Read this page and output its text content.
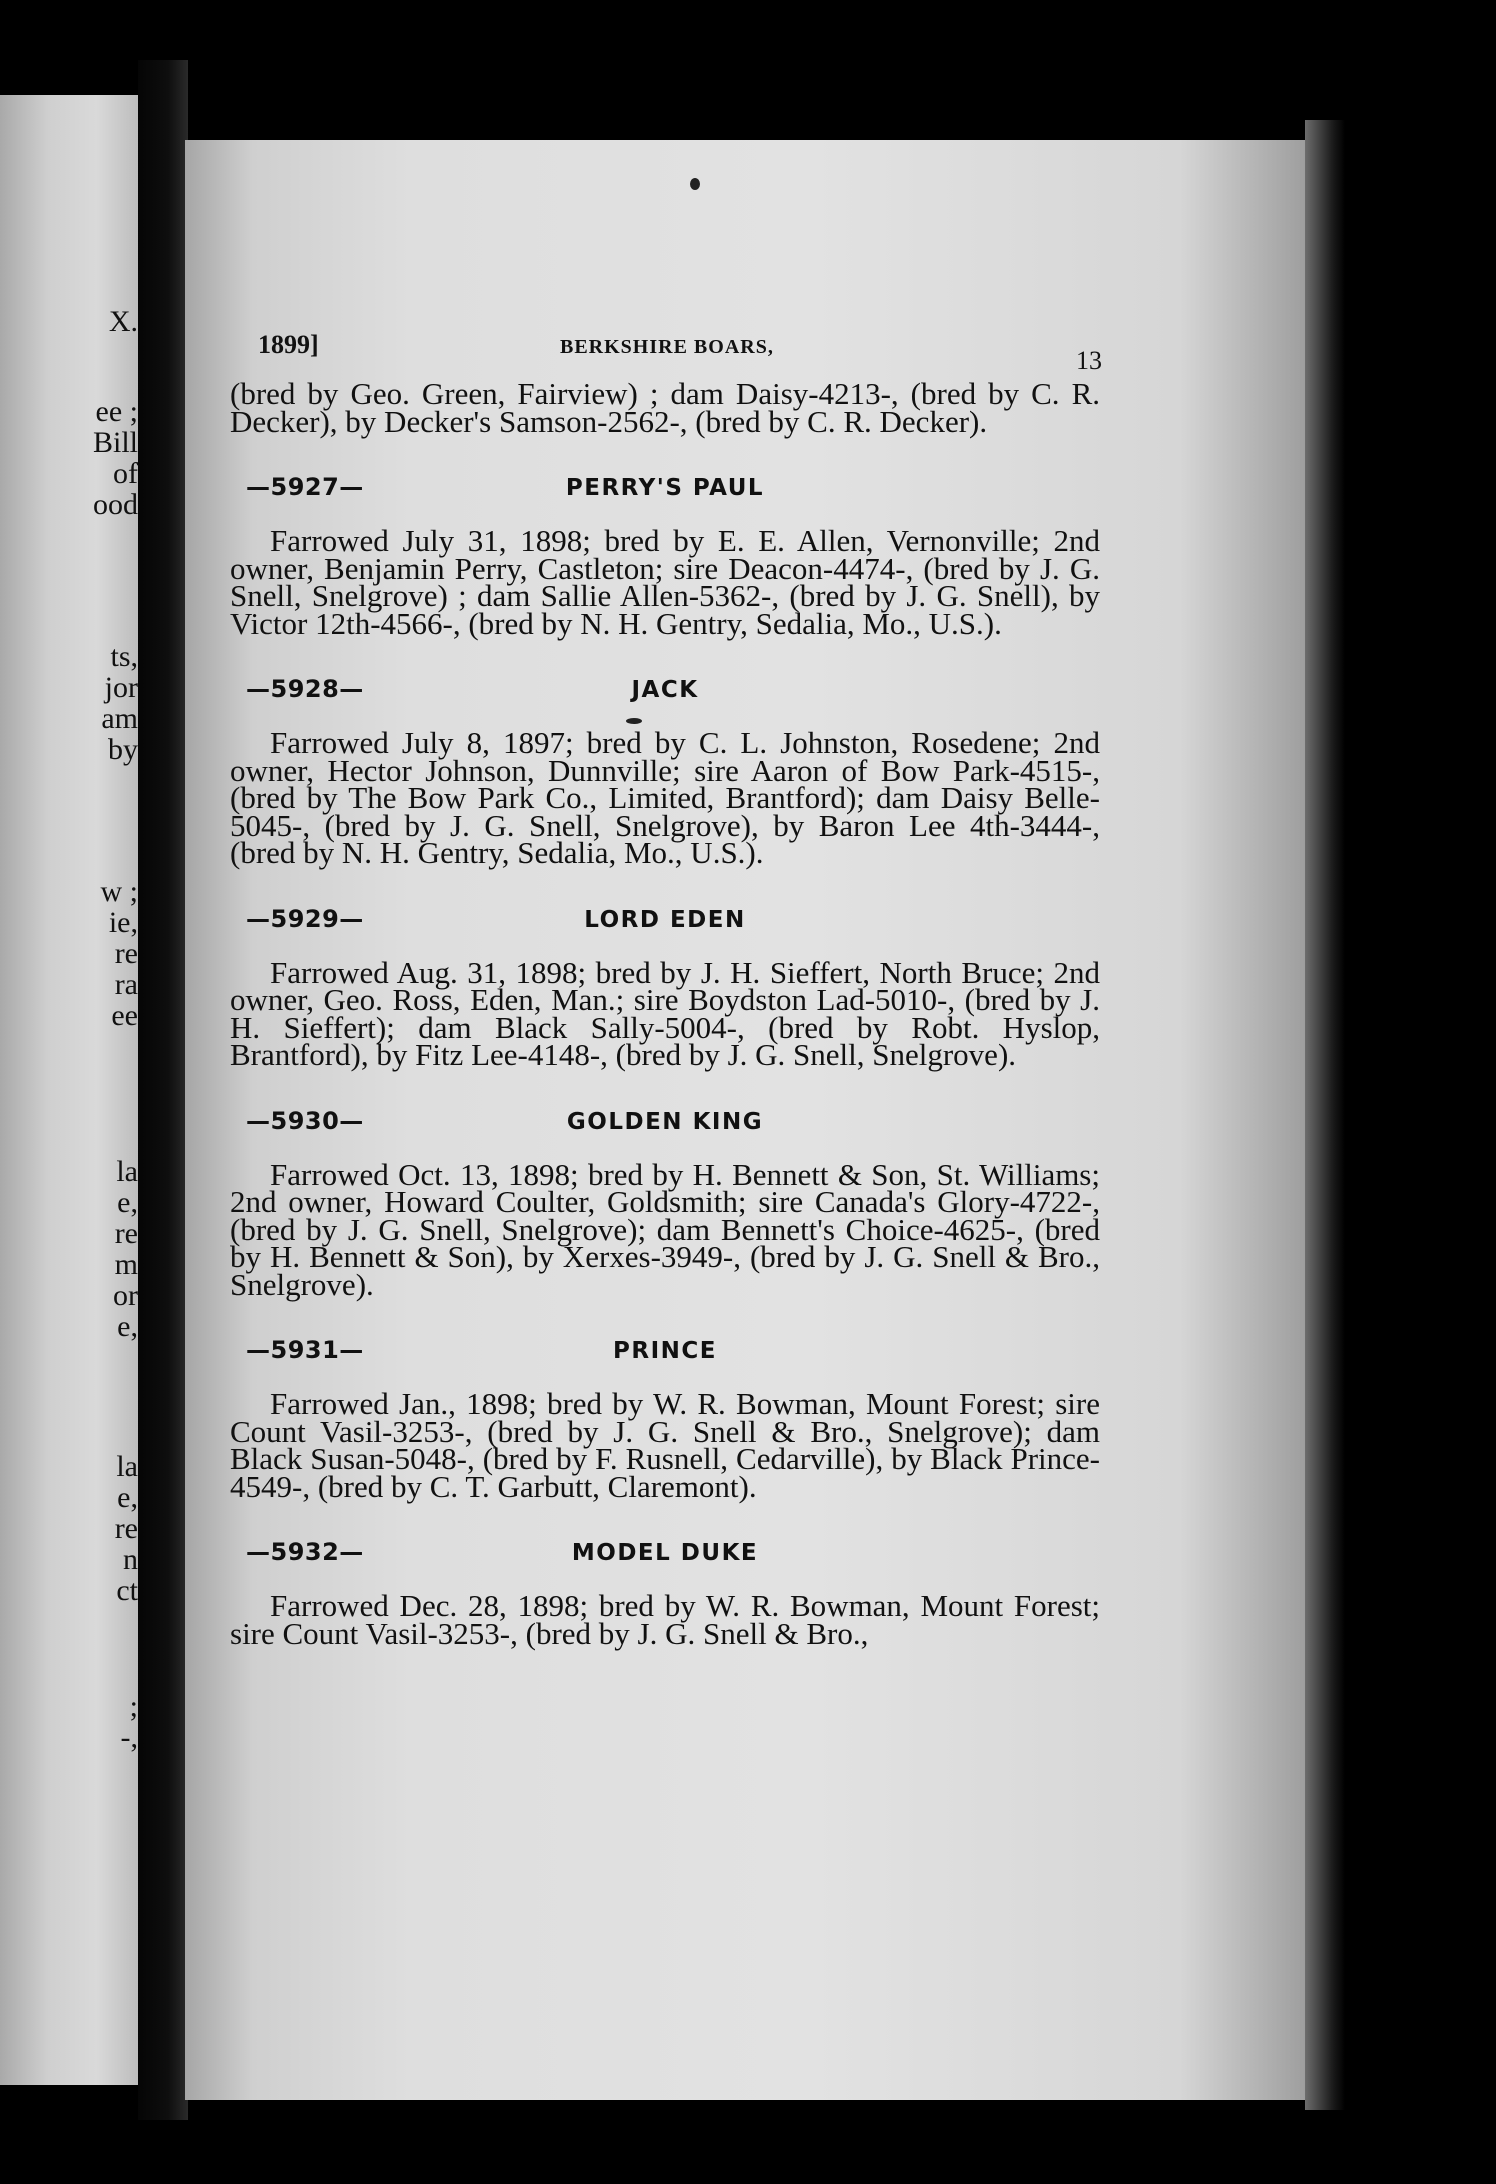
X.
ee ;
Bill
of
ood
ts,
jor
am
by
w ;
ie,
re
ra
ee
la
e,
re
m
or
e,
la
e,
re
n
ct
;
-,
1899]	BERKSHIRE BOARS,	13

(bred by Geo. Green, Fairview) ; dam Daisy-4213-, (bred by C. R. Decker), by Decker's Samson-2562-, (bred by C. R. Decker).

—5927—	PERRY'S PAUL

Farrowed July 31, 1898; bred by E. E. Allen, Vernonville; 2nd owner, Benjamin Perry, Castleton; sire Deacon-4474-, (bred by J. G. Snell, Snelgrove) ; dam Sallie Allen-5362-, (bred by J. G. Snell), by Victor 12th-4566-, (bred by N. H. Gentry, Sedalia, Mo., U.S.).

—5928—	JACK

Farrowed July 8, 1897; bred by C. L. Johnston, Rosedene; 2nd owner, Hector Johnson, Dunnville; sire Aaron of Bow Park-4515-, (bred by The Bow Park Co., Limited, Brantford); dam Daisy Belle-5045-, (bred by J. G. Snell, Snelgrove), by Baron Lee 4th-3444-, (bred by N. H. Gentry, Sedalia, Mo., U.S.).

—5929—	LORD EDEN

Farrowed Aug. 31, 1898; bred by J. H. Sieffert, North Bruce; 2nd owner, Geo. Ross, Eden, Man.; sire Boydston Lad-5010-, (bred by J. H. Sieffert); dam Black Sally-5004-, (bred by Robt. Hyslop, Brantford), by Fitz Lee-4148-, (bred by J. G. Snell, Snelgrove).

—5930—	GOLDEN KING

Farrowed Oct. 13, 1898; bred by H. Bennett & Son, St. Williams; 2nd owner, Howard Coulter, Goldsmith; sire Canada's Glory-4722-, (bred by J. G. Snell, Snelgrove); dam Bennett's Choice-4625-, (bred by H. Bennett & Son), by Xerxes-3949-, (bred by J. G. Snell & Bro., Snelgrove).

—5931—	PRINCE

Farrowed Jan., 1898; bred by W. R. Bowman, Mount Forest; sire Count Vasil-3253-, (bred by J. G. Snell & Bro., Snelgrove); dam Black Susan-5048-, (bred by F. Rusnell, Cedarville), by Black Prince-4549-, (bred by C. T. Garbutt, Claremont).

—5932—	MODEL DUKE

Farrowed Dec. 28, 1898; bred by W. R. Bowman, Mount Forest; sire Count Vasil-3253-, (bred by J. G. Snell & Bro.,
